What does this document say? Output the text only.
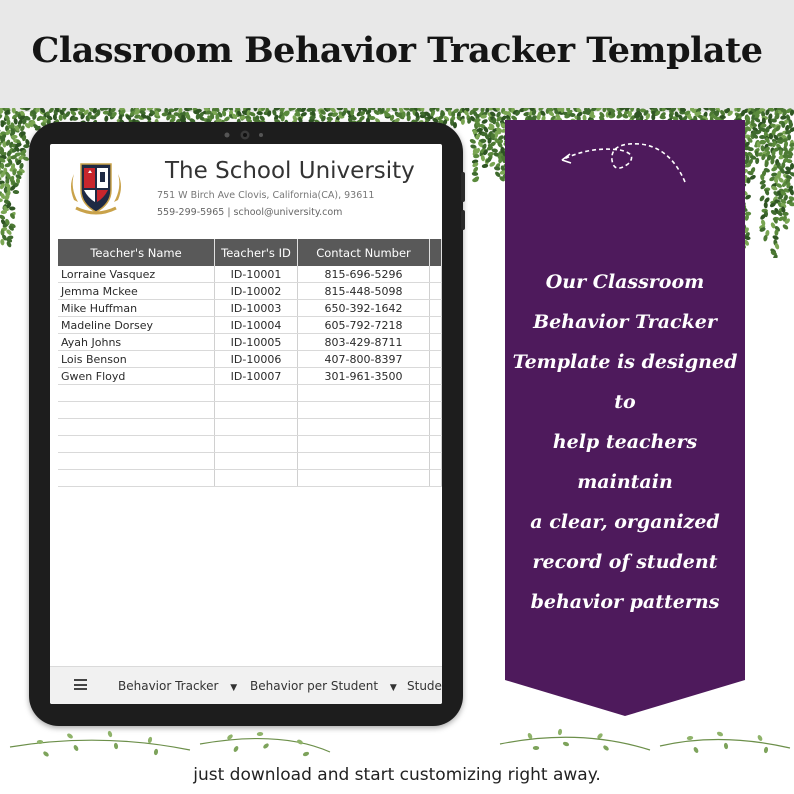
Classroom Behavior Tracker Template
The School University
751 W Birch Ave Clovis, California(CA), 93611
559-299-5965 | school@university.com
Teacher's Name	Teacher's ID	Contact Number
Lorraine Vasquez	ID-10001	815-696-5296
Jemma Mckee	ID-10002	815-448-5098
Mike Huffman	ID-10003	650-392-1642
Madeline Dorsey	ID-10004	605-792-7218
Ayah Johns	ID-10005	803-429-8711
Lois Benson	ID-10006	407-800-8397
Gwen Floyd	ID-10007	301-961-3500
Behavior Tracker ▼ Behavior per Student ▼ Stude
Our Classroom
Behavior Tracker
Template is designed to
help teachers maintain
a clear, organized
record of student
behavior patterns
just download and start customizing right away.
